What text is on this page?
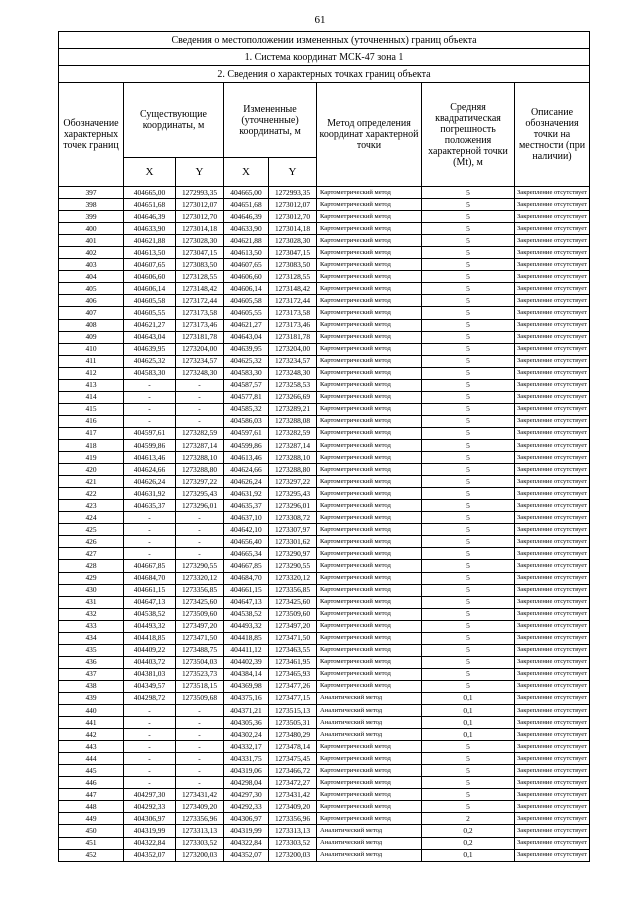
61
Сведения о местоположении измененных (уточненных) границ объекта							
1. Система координат МСК-47 зона 1							
2. Сведения о характерных точках границ объекта							
Обозначение характерных точек границ	Существующие координаты, м		Измененные (уточненные) координаты, м		Метод определения координат характерной точки	Средняя квадратическая погрешность положения характерной точки (Mt), м	Описание обозначения точки на местности (при наличии)
	X	Y	X	Y			
397	404665,00	1272993,35	404665,00	1272993,35	Картометрический метод	5	Закрепление отсутствует
398	404651,68	1273012,07	404651,68	1273012,07	Картометрический метод	5	Закрепление отсутствует
399	404646,39	1273012,70	404646,39	1273012,70	Картометрический метод	5	Закрепление отсутствует
400	404633,90	1273014,18	404633,90	1273014,18	Картометрический метод	5	Закрепление отсутствует
401	404621,88	1273028,30	404621,88	1273028,30	Картометрический метод	5	Закрепление отсутствует
402	404613,50	1273047,15	404613,50	1273047,15	Картометрический метод	5	Закрепление отсутствует
403	404607,65	1273083,50	404607,65	1273083,50	Картометрический метод	5	Закрепление отсутствует
404	404606,60	1273128,55	404606,60	1273128,55	Картометрический метод	5	Закрепление отсутствует
405	404606,14	1273148,42	404606,14	1273148,42	Картометрический метод	5	Закрепление отсутствует
406	404605,58	1273172,44	404605,58	1273172,44	Картометрический метод	5	Закрепление отсутствует
407	404605,55	1273173,58	404605,55	1273173,58	Картометрический метод	5	Закрепление отсутствует
408	404621,27	1273173,46	404621,27	1273173,46	Картометрический метод	5	Закрепление отсутствует
409	404643,04	1273181,78	404643,04	1273181,78	Картометрический метод	5	Закрепление отсутствует
410	404639,95	1273204,00	404639,95	1273204,00	Картометрический метод	5	Закрепление отсутствует
411	404625,32	1273234,57	404625,32	1273234,57	Картометрический метод	5	Закрепление отсутствует
412	404583,30	1273248,30	404583,30	1273248,30	Картометрический метод	5	Закрепление отсутствует
413	-	-	404587,57	1273258,53	Картометрический метод	5	Закрепление отсутствует
414	-	-	404577,81	1273266,69	Картометрический метод	5	Закрепление отсутствует
415	-	-	404585,32	1273289,21	Картометрический метод	5	Закрепление отсутствует
416	-	-	404586,03	1273288,08	Картометрический метод	5	Закрепление отсутствует
417	404597,61	1273282,59	404597,61	1273282,59	Картометрический метод	5	Закрепление отсутствует
418	404599,86	1273287,14	404599,86	1273287,14	Картометрический метод	5	Закрепление отсутствует
419	404613,46	1273288,10	404613,46	1273288,10	Картометрический метод	5	Закрепление отсутствует
420	404624,66	1273288,80	404624,66	1273288,80	Картометрический метод	5	Закрепление отсутствует
421	404626,24	1273297,22	404626,24	1273297,22	Картометрический метод	5	Закрепление отсутствует
422	404631,92	1273295,43	404631,92	1273295,43	Картометрический метод	5	Закрепление отсутствует
423	404635,37	1273296,01	404635,37	1273296,01	Картометрический метод	5	Закрепление отсутствует
424	-	-	404637,10	1273308,72	Картометрический метод	5	Закрепление отсутствует
425	-	-	404642,10	1273307,97	Картометрический метод	5	Закрепление отсутствует
426	-	-	404656,40	1273301,62	Картометрический метод	5	Закрепление отсутствует
427	-	-	404665,34	1273290,97	Картометрический метод	5	Закрепление отсутствует
428	404667,85	1273290,55	404667,85	1273290,55	Картометрический метод	5	Закрепление отсутствует
429	404684,70	1273320,12	404684,70	1273320,12	Картометрический метод	5	Закрепление отсутствует
430	404661,15	1273356,85	404661,15	1273356,85	Картометрический метод	5	Закрепление отсутствует
431	404647,13	1273425,60	404647,13	1273425,60	Картометрический метод	5	Закрепление отсутствует
432	404538,52	1273509,60	404538,52	1273509,60	Картометрический метод	5	Закрепление отсутствует
433	404493,32	1273497,20	404493,32	1273497,20	Картометрический метод	5	Закрепление отсутствует
434	404418,85	1273471,50	404418,85	1273471,50	Картометрический метод	5	Закрепление отсутствует
435	404409,22	1273488,75	404411,12	1273463,55	Картометрический метод	5	Закрепление отсутствует
436	404403,72	1273504,03	404402,39	1273461,95	Картометрический метод	5	Закрепление отсутствует
437	404381,03	1273523,73	404384,14	1273465,93	Картометрический метод	5	Закрепление отсутствует
438	404349,57	1273518,15	404369,98	1273477,26	Картометрический метод	5	Закрепление отсутствует
439	404298,72	1273509,68	404375,16	1273477,15	Аналитический метод	0,1	Закрепление отсутствует
440	-	-	404371,21	1273515,13	Аналитический метод	0,1	Закрепление отсутствует
441	-	-	404305,36	1273505,31	Аналитический метод	0,1	Закрепление отсутствует
442	-	-	404302,24	1273480,29	Аналитический метод	0,1	Закрепление отсутствует
443	-	-	404332,17	1273478,14	Картометрический метод	5	Закрепление отсутствует
444	-	-	404331,75	1273475,45	Картометрический метод	5	Закрепление отсутствует
445	-	-	404319,06	1273466,72	Картометрический метод	5	Закрепление отсутствует
446	-	-	404298,04	1273472,27	Картометрический метод	5	Закрепление отсутствует
447	404297,30	1273431,42	404297,30	1273431,42	Картометрический метод	5	Закрепление отсутствует
448	404292,33	1273409,20	404292,33	1273409,20	Картометрический метод	5	Закрепление отсутствует
449	404306,97	1273356,96	404306,97	1273356,96	Картометрический метод	2	Закрепление отсутствует
450	404319,99	1273313,13	404319,99	1273313,13	Аналитический метод	0,2	Закрепление отсутствует
451	404322,84	1273303,52	404322,84	1273303,52	Аналитический метод	0,2	Закрепление отсутствует
452	404352,07	1273200,03	404352,07	1273200,03	Аналитический метод	0,1	Закрепление отсутствует
